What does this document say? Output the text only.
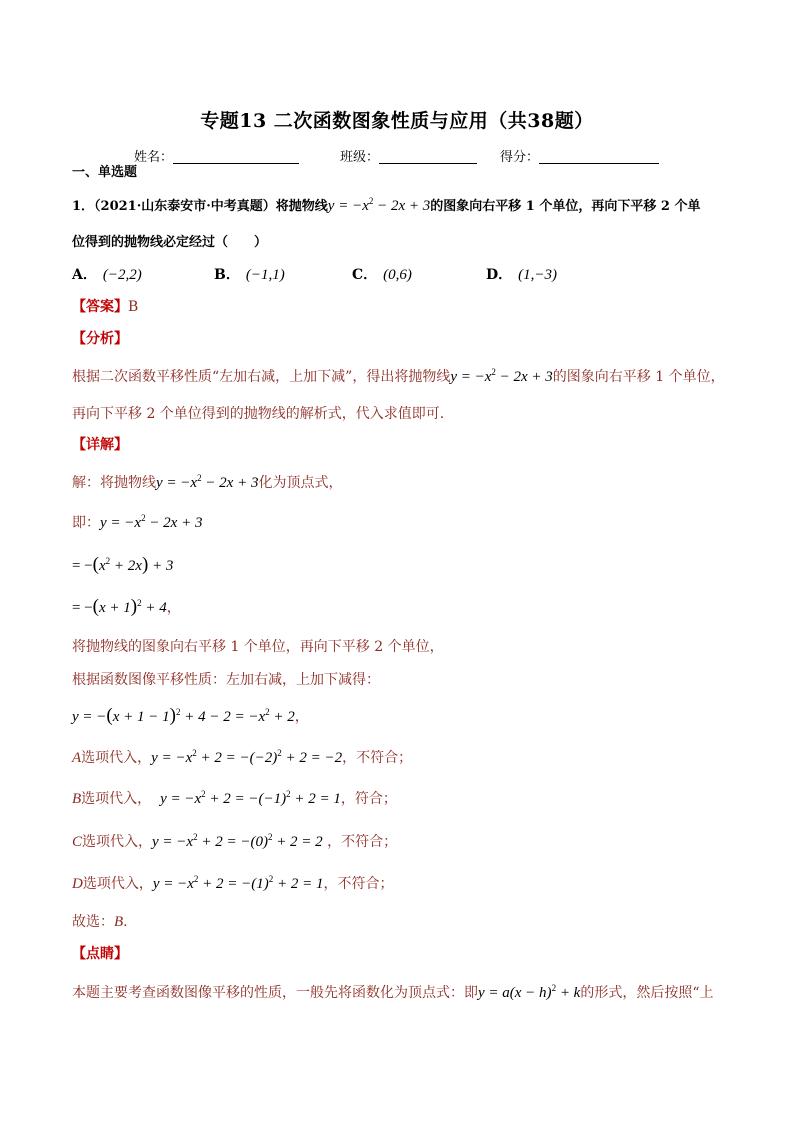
专题13 二次函数图象性质与应用（共38题）
姓名：	班级：	得分：
一、单选题
1．（2021·山东泰安市·中考真题）将抛物线$y = -x^2 - 2x + 3$的图象向右平移 1 个单位，再向下平移 2 个单
位得到的抛物线必定经过（　　）
A． (−2,2)	B． (−1,1)	C． (0,6)	D． (1,−3)
【答案】B
【分析】
根据二次函数平移性质“左加右减，上加下减”，得出将抛物线$y = -x^2 - 2x + 3$的图象向右平移 1 个单位，
再向下平移 2 个单位得到的抛物线的解析式，代入求值即可.
【详解】
解：将抛物线$y = -x^2 - 2x + 3$化为顶点式，
即：$y = -x^2 - 2x + 3$
= $-(x^2 + 2x) + 3$
= $-(x + 1)^2 + 4$，
将抛物线的图象向右平移 1 个单位，再向下平移 2 个单位，
根据函数图像平移性质：左加右减，上加下减得：
$y = -(x + 1 - 1)^2 + 4 - 2 = -x^2 + 2$，
A选项代入，$y = -x^2 + 2 = -(-2)^2 + 2 = -2$，不符合；
B选项代入， $y = -x^2 + 2 = -(-1)^2 + 2 = 1$，符合；
C选项代入，$y = -x^2 + 2 = -(0)^2 + 2 = 2$ ，不符合；
D选项代入，$y = -x^2 + 2 = -(1)^2 + 2 = 1$，不符合；
故选：B.
【点睛】
本题主要考查函数图像平移的性质，一般先将函数化为顶点式：即$y = a(x - h)^2 + k$的形式，然后按照“上
